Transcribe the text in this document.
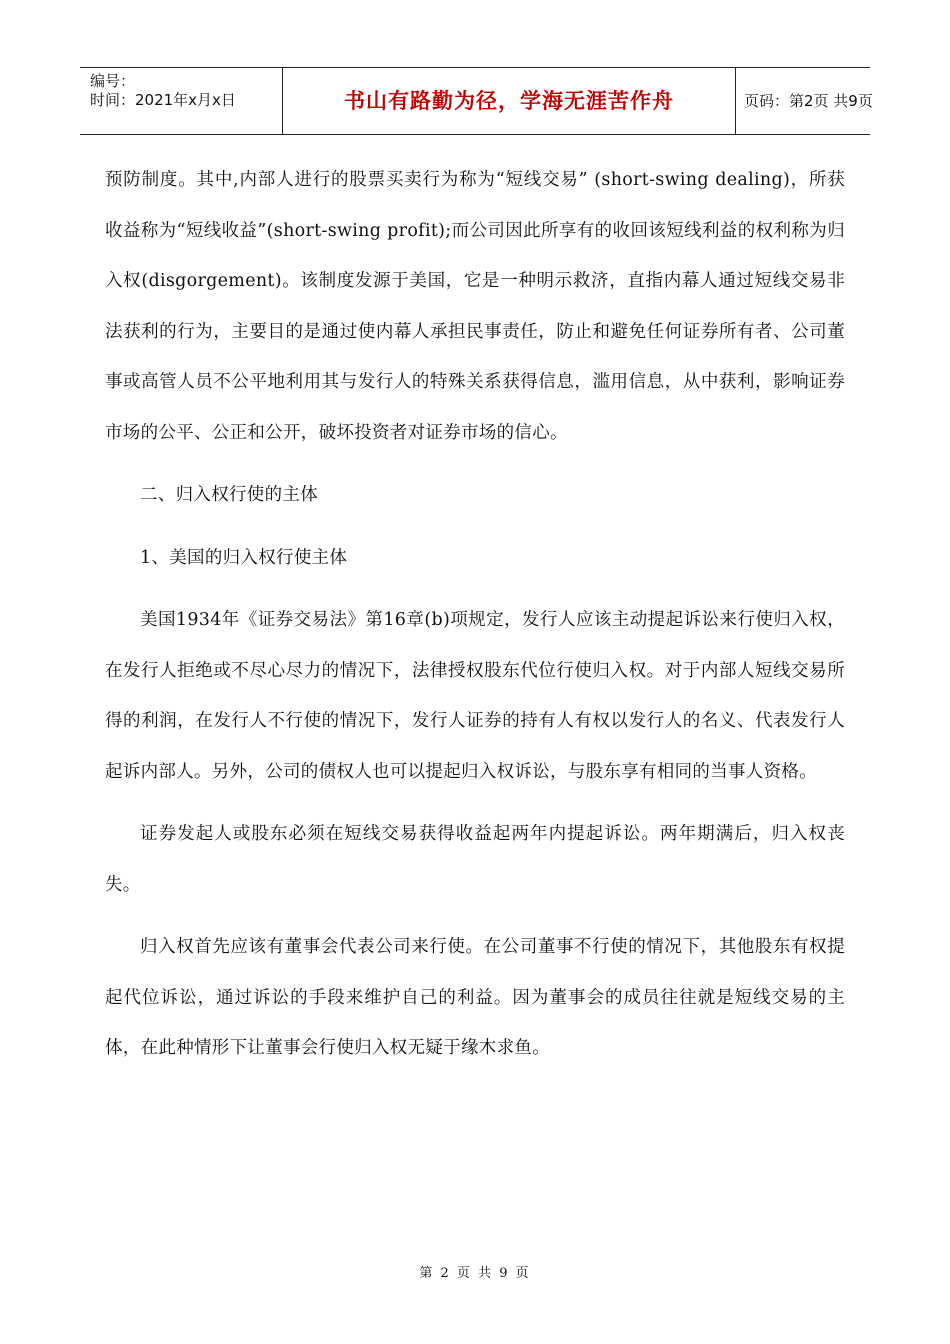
编号：
时间：2021年x月x日	书山有路勤为径，学海无涯苦作舟	页码：第2页 共9页

预防制度。其中,内部人进行的股票买卖行为称为“短线交易” (short-swing dealing)，所获收益称为“短线收益”(short-swing profit);而公司因此所享有的收回该短线利益的权利称为归入权(disgorgement)。该制度发源于美国，它是一种明示救济，直指内幕人通过短线交易非法获利的行为，主要目的是通过使内幕人承担民事责任，防止和避免任何证券所有者、公司董事或高管人员不公平地利用其与发行人的特殊关系获得信息，滥用信息，从中获利，影响证券市场的公平、公正和公开，破坏投资者对证券市场的信心。

二、归入权行使的主体

1、美国的归入权行使主体

美国1934年《证券交易法》第16章(b)项规定，发行人应该主动提起诉讼来行使归入权，在发行人拒绝或不尽心尽力的情况下，法律授权股东代位行使归入权。对于内部人短线交易所得的利润，在发行人不行使的情况下，发行人证券的持有人有权以发行人的名义、代表发行人起诉内部人。另外，公司的债权人也可以提起归入权诉讼，与股东享有相同的当事人资格。

证券发起人或股东必须在短线交易获得收益起两年内提起诉讼。两年期满后，归入权丧失。

归入权首先应该有董事会代表公司来行使。在公司董事不行使的情况下，其他股东有权提起代位诉讼，通过诉讼的手段来维护自己的利益。因为董事会的成员往往就是短线交易的主体，在此种情形下让董事会行使归入权无疑于缘木求鱼。

第 2 页 共 9 页
